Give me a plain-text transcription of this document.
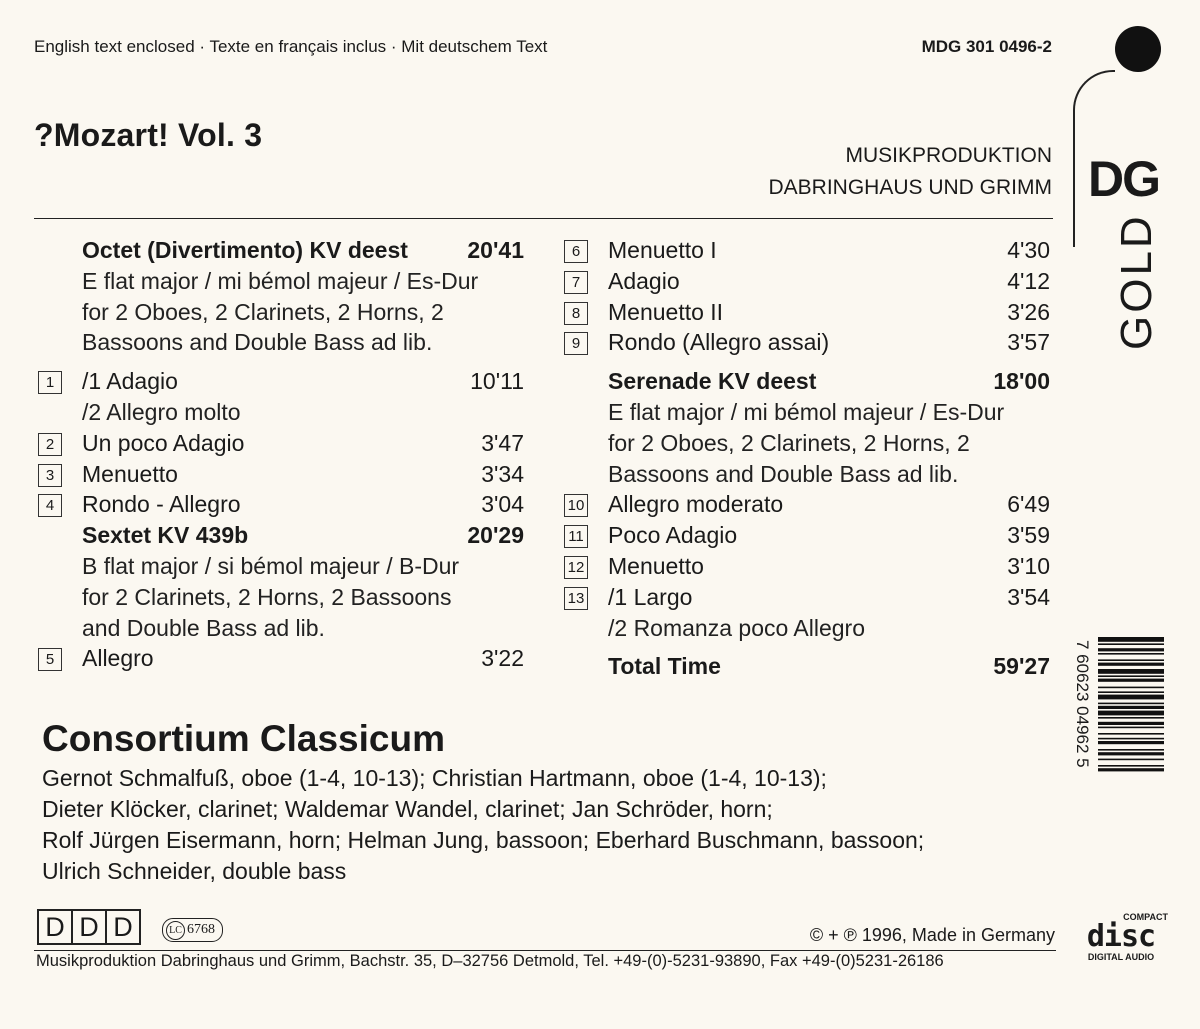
English text enclosed · Texte en français inclus · Mit deutschem Text	MDG 301 0496-2
?Mozart! Vol. 3
MUSIKPRODUKTION
DABRINGHAUS UND GRIMM
Octet (Divertimento) KV deest	20'41
E flat major / mi bémol majeur / Es-Dur
for 2 Oboes, 2 Clarinets, 2 Horns, 2
Bassoons and Double Bass ad lib.
1	/1 Adagio	10'11
/2 Allegro molto
2	Un poco Adagio	3'47
3	Menuetto	3'34
4	Rondo - Allegro	3'04
Sextet KV 439b	20'29
B flat major / si bémol majeur / B-Dur
for 2 Clarinets, 2 Horns, 2 Bassoons
and Double Bass ad lib.
5	Allegro	3'22
6	Menuetto I	4'30
7	Adagio	4'12
8	Menuetto II	3'26
9	Rondo (Allegro assai)	3'57
Serenade KV deest	18'00
E flat major / mi bémol majeur / Es-Dur
for 2 Oboes, 2 Clarinets, 2 Horns, 2
Bassoons and Double Bass ad lib.
10 Allegro moderato	6'49
11 Poco Adagio	3'59
12 Menuetto	3'10
13 /1 Largo	3'54
/2 Romanza poco Allegro
Total Time	59'27
Consortium Classicum
Gernot Schmalfuß, oboe (1-4, 10-13); Christian Hartmann, oboe (1-4, 10-13);
Dieter Klöcker, clarinet; Waldemar Wandel, clarinet; Jan Schröder, horn;
Rolf Jürgen Eisermann, horn; Helman Jung, bassoon; Eberhard Buschmann, bassoon;
Ulrich Schneider, double bass
D D D	LC 6768	© + ℗ 1996, Made in Germany
Musikproduktion Dabringhaus und Grimm, Bachstr. 35, D–32756 Detmold, Tel. +49-(0)-5231-93890, Fax +49-(0)5231-26186
DG
GOLD
7 60623 04962 5
COMPACT
disc
DIGITAL AUDIO
